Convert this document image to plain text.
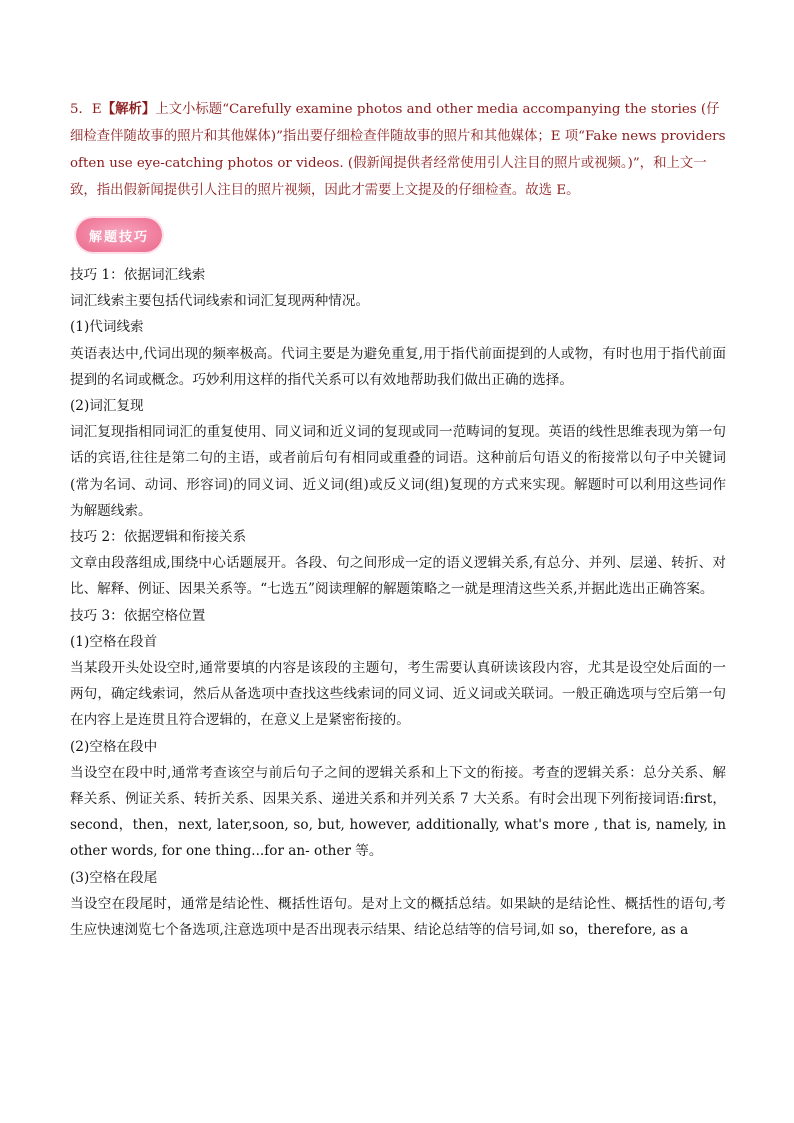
5．E【解析】上文小标题“Carefully examine photos and other media accompanying the stories (仔细检查伴随故事的照片和其他媒体)”指出要仔细检查伴随故事的照片和其他媒体；E 项“Fake news providers often use eye-catching photos or videos. (假新闻提供者经常使用引人注目的照片或视频。)”，和上文一致，指出假新闻提供引人注目的照片视频，因此才需要上文提及的仔细检查。故选 E。

解题技巧

技巧 1：依据词汇线索

词汇线索主要包括代词线索和词汇复现两种情况。

(1)代词线索

英语表达中,代词出现的频率极高。代词主要是为避免重复,用于指代前面提到的人或物，有时也用于指代前面提到的名词或概念。巧妙利用这样的指代关系可以有效地帮助我们做出正确的选择。

(2)词汇复现

词汇复现指相同词汇的重复使用、同义词和近义词的复现或同一范畴词的复现。英语的线性思维表现为第一句话的宾语,往往是第二句的主语，或者前后句有相同或重叠的词语。这种前后句语义的衔接常以句子中关键词(常为名词、动词、形容词)的同义词、近义词(组)或反义词(组)复现的方式来实现。解题时可以利用这些词作为解题线索。

技巧 2：依据逻辑和衔接关系

文章由段落组成,围绕中心话题展开。各段、句之间形成一定的语义逻辑关系,有总分、并列、层递、转折、对比、解释、例证、因果关系等。“七选五”阅读理解的解题策略之一就是理清这些关系,并据此选出正确答案。

技巧 3：依据空格位置

(1)空格在段首

当某段开头处设空时,通常要填的内容是该段的主题句，考生需要认真研读该段内容，尤其是设空处后面的一两句，确定线索词，然后从备选项中查找这些线索词的同义词、近义词或关联词。一般正确选项与空后第一句在内容上是连贯且符合逻辑的，在意义上是紧密衔接的。

(2)空格在段中

当设空在段中时,通常考查该空与前后句子之间的逻辑关系和上下文的衔接。考查的逻辑关系：总分关系、解释关系、例证关系、转折关系、因果关系、递进关系和并列关系 7 大关系。有时会出现下列衔接词语:first，second，then，next, later,soon, so, but, however, additionally, what's more , that is, namely, in other words, for one thing...for an- other 等。

(3)空格在段尾

当设空在段尾时，通常是结论性、概括性语句。是对上文的概括总结。如果缺的是结论性、概括性的语句,考生应快速浏览七个备选项,注意选项中是否出现表示结果、结论总结等的信号词,如 so，therefore, as a
